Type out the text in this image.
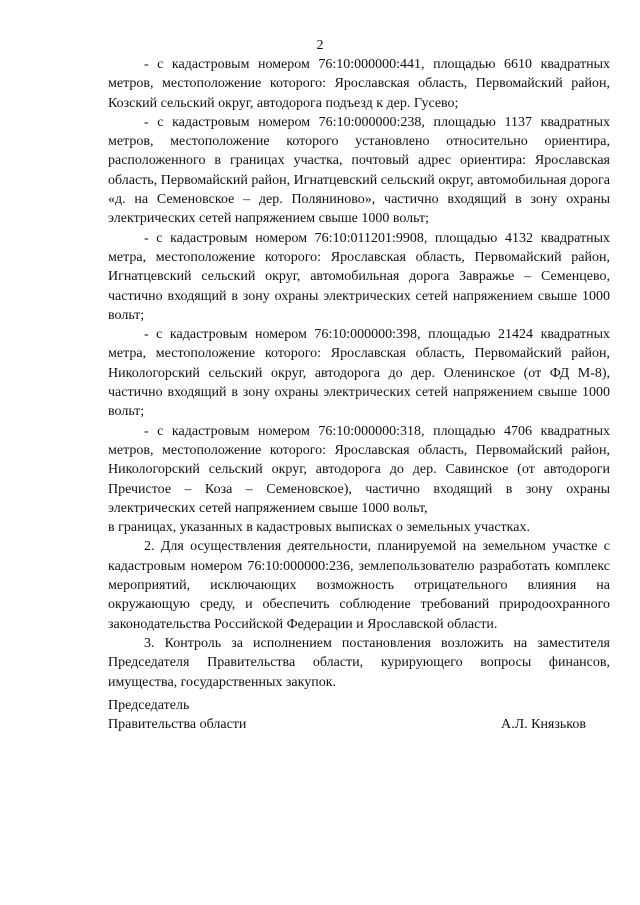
2

- с кадастровым номером 76:10:000000:441, площадью 6610 квадратных метров, местоположение которого: Ярославская область, Первомайский район, Козский сельский округ, автодорога подъезд к дер. Гусево;

- с кадастровым номером 76:10:000000:238, площадью 1137 квадратных метров, местоположение которого установлено относительно ориентира, расположенного в границах участка, почтовый адрес ориентира: Ярославская область, Первомайский район, Игнатцевский сельский округ, автомобильная дорога «д. на Семеновское – дер. Полянинoво», частично входящий в зону охраны электрических сетей напряжением свыше 1000 вольт;

- с кадастровым номером 76:10:011201:9908, площадью 4132 квадратных метра, местоположение которого: Ярославская область, Первомайский район, Игнатцевский сельский округ, автомобильная дорога Заврaжье – Семенцево, частично входящий в зону охраны электрических сетей напряжением свыше 1000 вольт;

- с кадастровым номером 76:10:000000:398, площадью 21424 квадратных метра, местоположение которого: Ярославская область, Первомайский район, Никологорский сельский округ, автодорога до дер. Оленинское (от ФД М-8), частично входящий в зону охраны электрических сетей напряжением свыше 1000 вольт;

- с кадастровым номером 76:10:000000:318, площадью 4706 квадратных метров, местоположение которого: Ярославская область, Первомайский район, Никологорский сельский округ, автодорога до дер. Савинское (от автодороги Пречистое – Коза – Семеновское), частично входящий в зону охраны электрических сетей напряжением свыше 1000 вольт,

в границах, указанных в кадастровых выписках о земельных участках.

2. Для осуществления деятельности, планируемой на земельном участке с кадастровым номером 76:10:000000:236, землепользователю разработать комплекс мероприятий, исключающих возможность отрицательного влияния на окружающую среду, и обеспечить соблюдение требований природоохранного законодательства Российской Федерации и Ярославской области.

3. Контроль за исполнением постановления возложить на заместителя Председателя Правительства области, курирующего вопросы финансов, имущества, государственных закупок.

Председатель
Правительства области	А.Л. Князьков
